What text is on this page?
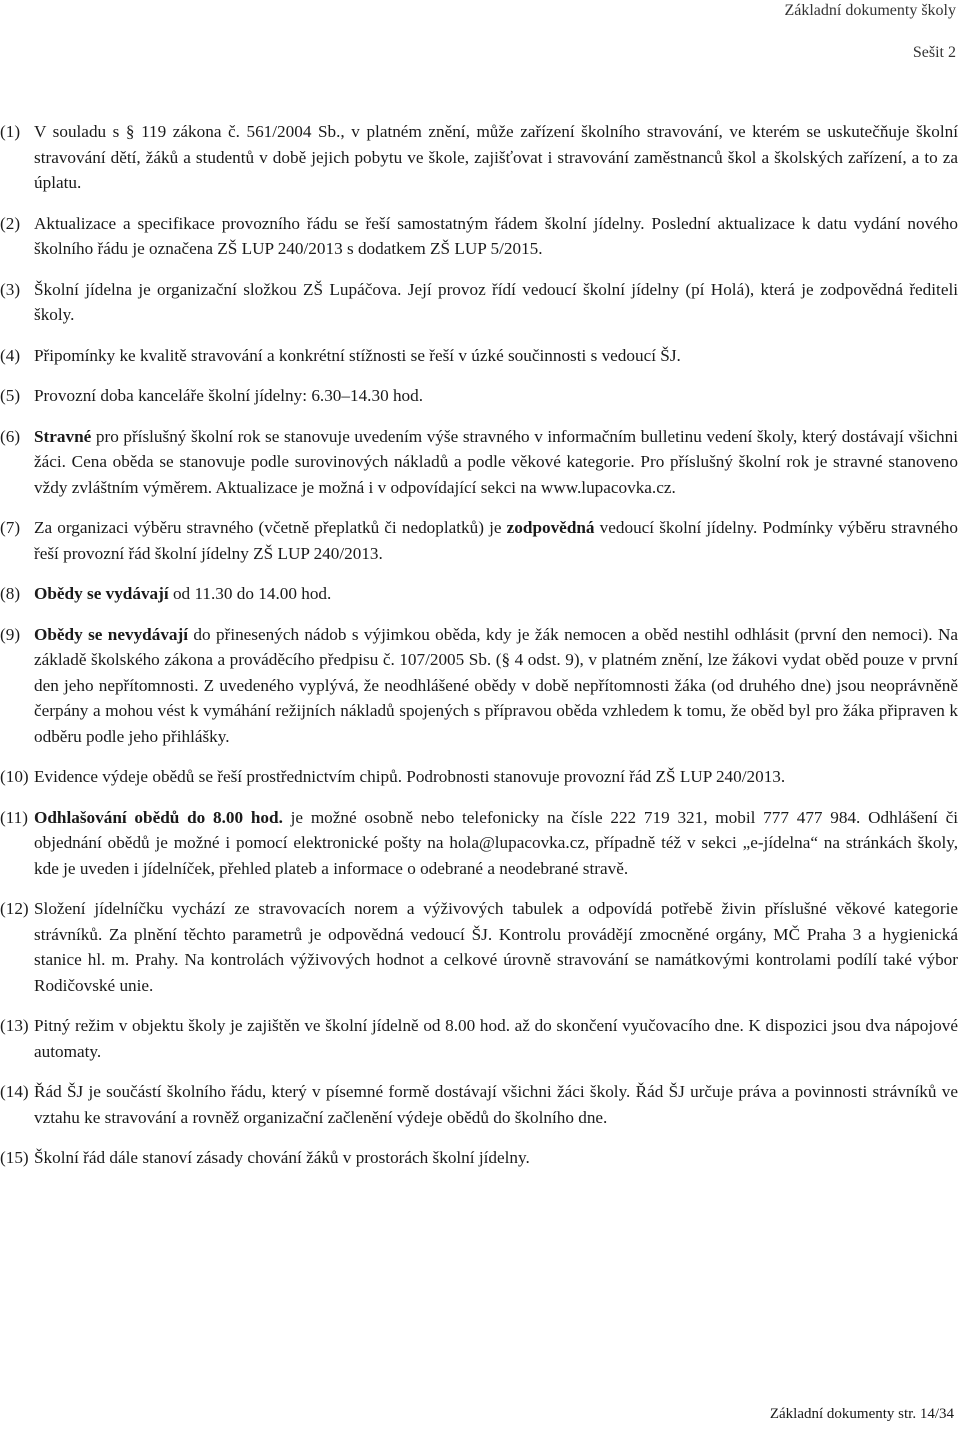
Základní dokumenty školy
Sešit 2

(1) V souladu s § 119 zákona č. 561/2004 Sb., v platném znění, může zařízení školního stravování, ve kterém se uskutečňuje školní stravování dětí, žáků a studentů v době jejich pobytu ve škole, zajišťovat i stravování zaměstnanců škol a školských zařízení, a to za úplatu.

(2) Aktualizace a specifikace provozního řádu se řeší samostatným řádem školní jídelny. Poslední aktualizace k datu vydání nového školního řádu je označena ZŠ LUP 240/2013 s dodatkem ZŠ LUP 5/2015.

(3) Školní jídelna je organizační složkou ZŠ Lupáčova. Její provoz řídí vedoucí školní jídelny (pí Holá), která je zodpovědná řediteli školy.

(4) Připomínky ke kvalitě stravování a konkrétní stížnosti se řeší v úzké součinnosti s vedoucí ŠJ.

(5) Provozní doba kanceláře školní jídelny: 6.30–14.30 hod.

(6) Stravné pro příslušný školní rok se stanovuje uvedením výše stravného v informačním bulletinu vedení školy, který dostávají všichni žáci. Cena oběda se stanovuje podle surovinových nákladů a podle věkové kategorie. Pro příslušný školní rok je stravné stanoveno vždy zvláštním výměrem. Aktualizace je možná i v odpovídající sekci na www.lupacovka.cz.

(7) Za organizaci výběru stravného (včetně přeplatků či nedoplatků) je zodpovědná vedoucí školní jídelny. Podmínky výběru stravného řeší provozní řád školní jídelny ZŠ LUP 240/2013.

(8) Obědy se vydávají od 11.30 do 14.00 hod.

(9) Obědy se nevydávají do přinesených nádob s výjimkou oběda, kdy je žák nemocen a oběd nestihl odhlásit (první den nemoci). Na základě školského zákona a prováděcího předpisu č. 107/2005 Sb. (§ 4 odst. 9), v platném znění, lze žákovi vydat oběd pouze v první den jeho nepřítomnosti. Z uvedeného vyplývá, že neodhlášené obědy v době nepřítomnosti žáka (od druhého dne) jsou neoprávněně čerpány a mohou vést k vymáhání režijních nákladů spojených s přípravou oběda vzhledem k tomu, že oběd byl pro žáka připraven k odběru podle jeho přihlášky.

(10) Evidence výdeje obědů se řeší prostřednictvím chipů. Podrobnosti stanovuje provozní řád ZŠ LUP 240/2013.

(11) Odhlašování obědů do 8.00 hod. je možné osobně nebo telefonicky na čísle 222 719 321, mobil 777 477 984. Odhlášení či objednání obědů je možné i pomocí elektronické pošty na hola@lupacovka.cz, případně též v sekci „e-jídelna“ na stránkách školy, kde je uveden i jídelníček, přehled plateb a informace o odebrané a neodebrané stravě.

(12) Složení jídelníčku vychází ze stravovacích norem a výživových tabulek a odpovídá potřebě živin příslušné věkové kategorie strávníků. Za plnění těchto parametrů je odpovědná vedoucí ŠJ. Kontrolu provádějí zmocněné orgány, MČ Praha 3 a hygienická stanice hl. m. Prahy. Na kontrolách výživových hodnot a celkové úrovně stravování se namátkovými kontrolami podílí také výbor Rodičovské unie.

(13) Pitný režim v objektu školy je zajištěn ve školní jídelně od 8.00 hod. až do skončení vyučovacího dne. K dispozici jsou dva nápojové automaty.

(14) Řád ŠJ je součástí školního řádu, který v písemné formě dostávají všichni žáci školy. Řád ŠJ určuje práva a povinnosti strávníků ve vztahu ke stravování a rovněž organizační začlenění výdeje obědů do školního dne.

(15) Školní řád dále stanoví zásady chování žáků v prostorách školní jídelny.

Základní dokumenty str. 14/34
